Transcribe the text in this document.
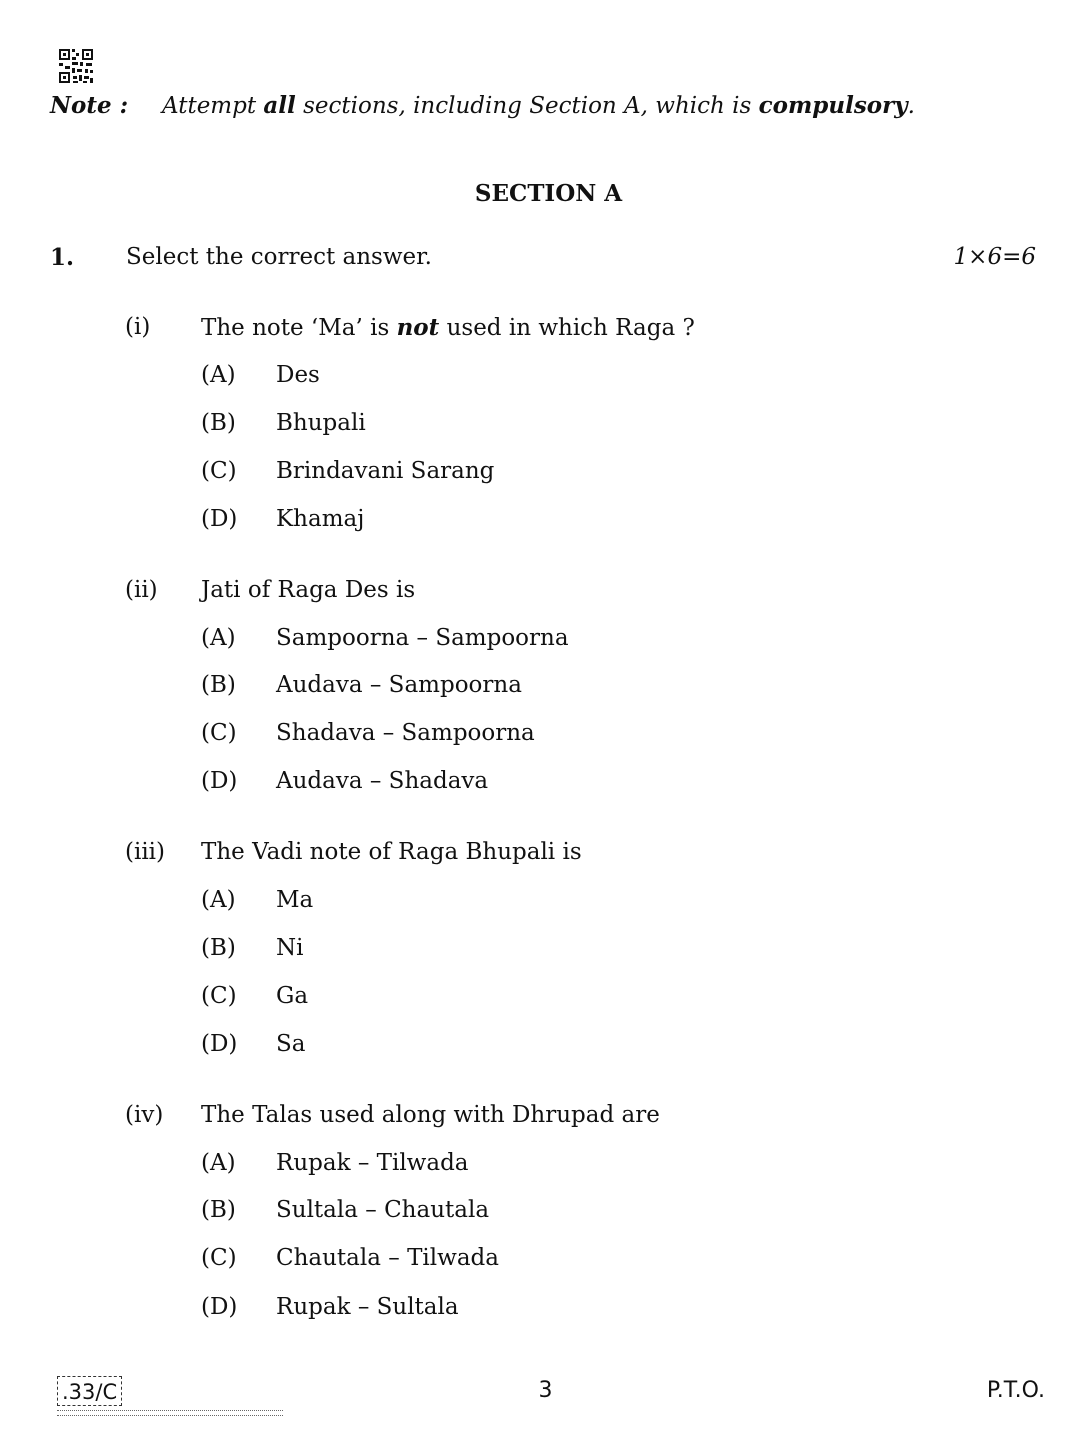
Note : Attempt all sections, including Section A, which is compulsory.
SECTION A
1. Select the correct answer.	1×6=6
(i) The note ‘Ma’ is not used in which Raga ?
(A) Des
(B) Bhupali
(C) Brindavani Sarang
(D) Khamaj
(ii) Jati of Raga Des is
(A) Sampoorna – Sampoorna
(B) Audava – Sampoorna
(C) Shadava – Sampoorna
(D) Audava – Shadava
(iii) The Vadi note of Raga Bhupali is
(A) Ma
(B) Ni
(C) Ga
(D) Sa
(iv) The Talas used along with Dhrupad are
(A) Rupak – Tilwada
(B) Sultala – Chautala
(C) Chautala – Tilwada
(D) Rupak – Sultala
.33/C	3	P.T.O.
